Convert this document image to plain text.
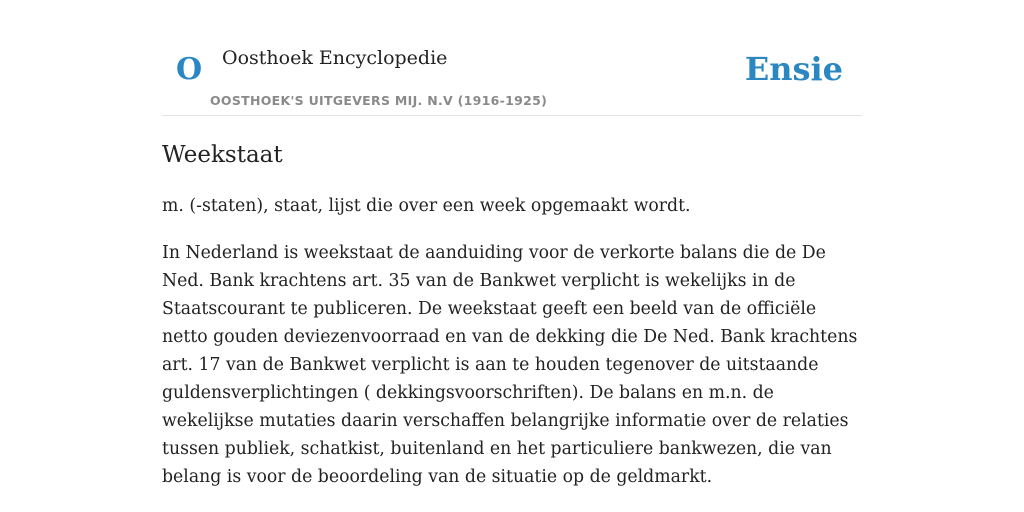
O Oosthoek Encyclopedie
OOSTHOEK'S UITGEVERS MIJ. N.V (1916-1925)
Ensie
Weekstaat

m. (-staten), staat, lijst die over een week opgemaakt wordt.

In Nederland is weekstaat de aanduiding voor de verkorte balans die de De Ned. Bank krachtens art. 35 van de Bankwet verplicht is wekelijks in de Staatscourant te publiceren. De weekstaat geeft een beeld van de officiële netto gouden deviezenvoorraad en van de dekking die De Ned. Bank krachtens art. 17 van de Bankwet verplicht is aan te houden tegenover de uitstaande guldensverplichtingen ( dekkingsvoorschriften). De balans en m.n. de wekelijkse mutaties daarin verschaffen belangrijke informatie over de relaties tussen publiek, schatkist, buitenland en het particuliere bankwezen, die van belang is voor de beoordeling van de situatie op de geldmarkt.
